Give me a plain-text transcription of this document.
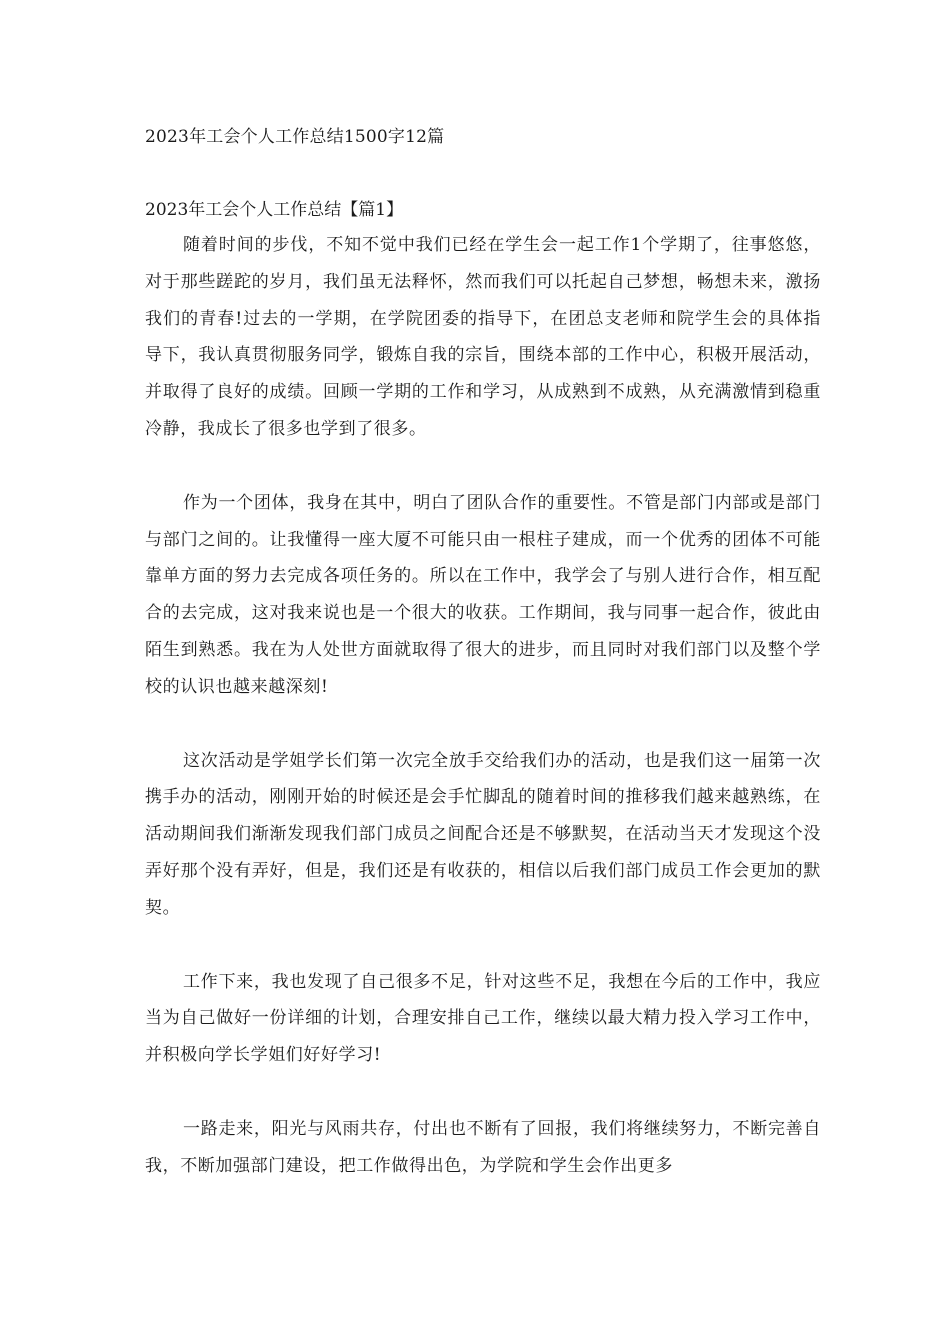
2023年工会个人工作总结1500字12篇
2023年工会个人工作总结【篇1】

随着时间的步伐，不知不觉中我们已经在学生会一起工作1个学期了，往事悠悠，对于那些蹉跎的岁月，我们虽无法释怀，然而我们可以托起自己梦想，畅想未来，激扬我们的青春!过去的一学期，在学院团委的指导下，在团总支老师和院学生会的具体指导下，我认真贯彻服务同学，锻炼自我的宗旨，围绕本部的工作中心，积极开展活动，并取得了良好的成绩。回顾一学期的工作和学习，从成熟到不成熟，从充满激情到稳重冷静，我成长了很多也学到了很多。

作为一个团体，我身在其中，明白了团队合作的重要性。不管是部门内部或是部门与部门之间的。让我懂得一座大厦不可能只由一根柱子建成，而一个优秀的团体不可能靠单方面的努力去完成各项任务的。所以在工作中，我学会了与别人进行合作，相互配合的去完成，这对我来说也是一个很大的收获。工作期间，我与同事一起合作，彼此由陌生到熟悉。我在为人处世方面就取得了很大的进步，而且同时对我们部门以及整个学校的认识也越来越深刻!

这次活动是学姐学长们第一次完全放手交给我们办的活动，也是我们这一届第一次携手办的活动，刚刚开始的时候还是会手忙脚乱的随着时间的推移我们越来越熟练，在活动期间我们渐渐发现我们部门成员之间配合还是不够默契，在活动当天才发现这个没弄好那个没有弄好，但是，我们还是有收获的，相信以后我们部门成员工作会更加的默契。

工作下来，我也发现了自己很多不足，针对这些不足，我想在今后的工作中，我应当为自己做好一份详细的计划，合理安排自己工作，继续以最大精力投入学习工作中，并积极向学长学姐们好好学习!

一路走来，阳光与风雨共存，付出也不断有了回报，我们将继续努力，不断完善自我，不断加强部门建设，把工作做得出色，为学院和学生会作出更多
